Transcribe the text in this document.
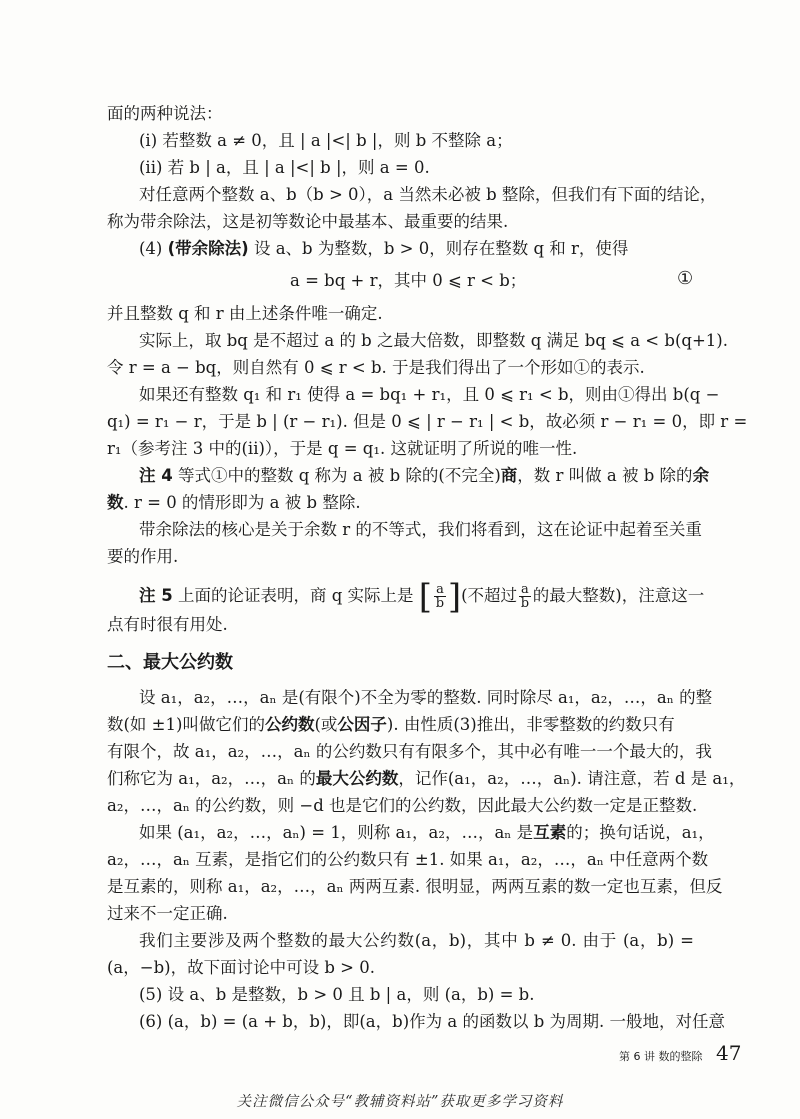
面的两种说法：
(i) 若整数 a ≠ 0，且 | a |<| b |，则 b 不整除 a；
(ii) 若 b | a，且 | a |<| b |，则 a = 0.
对任意两个整数 a、b（b > 0），a 当然未必被 b 整除，但我们有下面的结论，
称为带余除法，这是初等数论中最基本、最重要的结果.
(4) (带余除法) 设 a、b 为整数，b > 0，则存在整数 q 和 r，使得
a = bq + r，其中 0 ⩽ r < b；	①
并且整数 q 和 r 由上述条件唯一确定.
实际上，取 bq 是不超过 a 的 b 之最大倍数，即整数 q 满足 bq ⩽ a < b(q+1).
令 r = a − bq，则自然有 0 ⩽ r < b. 于是我们得出了一个形如①的表示.
如果还有整数 q₁ 和 r₁ 使得 a = bq₁ + r₁，且 0 ⩽ r₁ < b，则由①得出 b(q −
q₁) = r₁ − r，于是 b | (r − r₁). 但是 0 ⩽ | r − r₁ | < b，故必须 r − r₁ = 0，即 r =
r₁（参考注 3 中的(ii)），于是 q = q₁. 这就证明了所说的唯一性.
注 4 等式①中的整数 q 称为 a 被 b 除的(不完全)商，数 r 叫做 a 被 b 除的余
数. r = 0 的情形即为 a 被 b 整除.
带余除法的核心是关于余数 r 的不等式，我们将看到，这在论证中起着至关重
要的作用.
注 5 上面的论证表明，商 q 实际上是 [ $\frac{a}{b}$ ] (不超过 $\frac{a}{b}$ 的最大整数)，注意这一
点有时很有用处.
二、最大公约数
设 a₁，a₂，…，aₙ 是(有限个)不全为零的整数. 同时除尽 a₁，a₂，…，aₙ 的整
数(如 ±1)叫做它们的公约数(或公因子). 由性质(3)推出，非零整数的约数只有
有限个，故 a₁，a₂，…，aₙ 的公约数只有有限多个，其中必有唯一一个最大的，我
们称它为 a₁，a₂，…，aₙ 的最大公约数，记作(a₁，a₂，…，aₙ). 请注意，若 d 是 a₁，
a₂，…，aₙ 的公约数，则 −d 也是它们的公约数，因此最大公约数一定是正整数.
如果 (a₁，a₂，…，aₙ) = 1，则称 a₁，a₂，…，aₙ 是互素的；换句话说，a₁，
a₂，…，aₙ 互素，是指它们的公约数只有 ±1. 如果 a₁，a₂，…，aₙ 中任意两个数
是互素的，则称 a₁，a₂，…，aₙ 两两互素. 很明显，两两互素的数一定也互素，但反
过来不一定正确.
我们主要涉及两个整数的最大公约数(a，b)，其中 b ≠ 0. 由于 (a，b) =
(a，−b)，故下面讨论中可设 b > 0.
(5) 设 a、b 是整数，b > 0 且 b | a，则 (a，b) = b.
(6) (a，b) = (a + b，b)，即(a，b)作为 a 的函数以 b 为周期. 一般地，对任意
第 6 讲 数的整除 47
关注微信公众号“教辅资料站”获取更多学习资料
